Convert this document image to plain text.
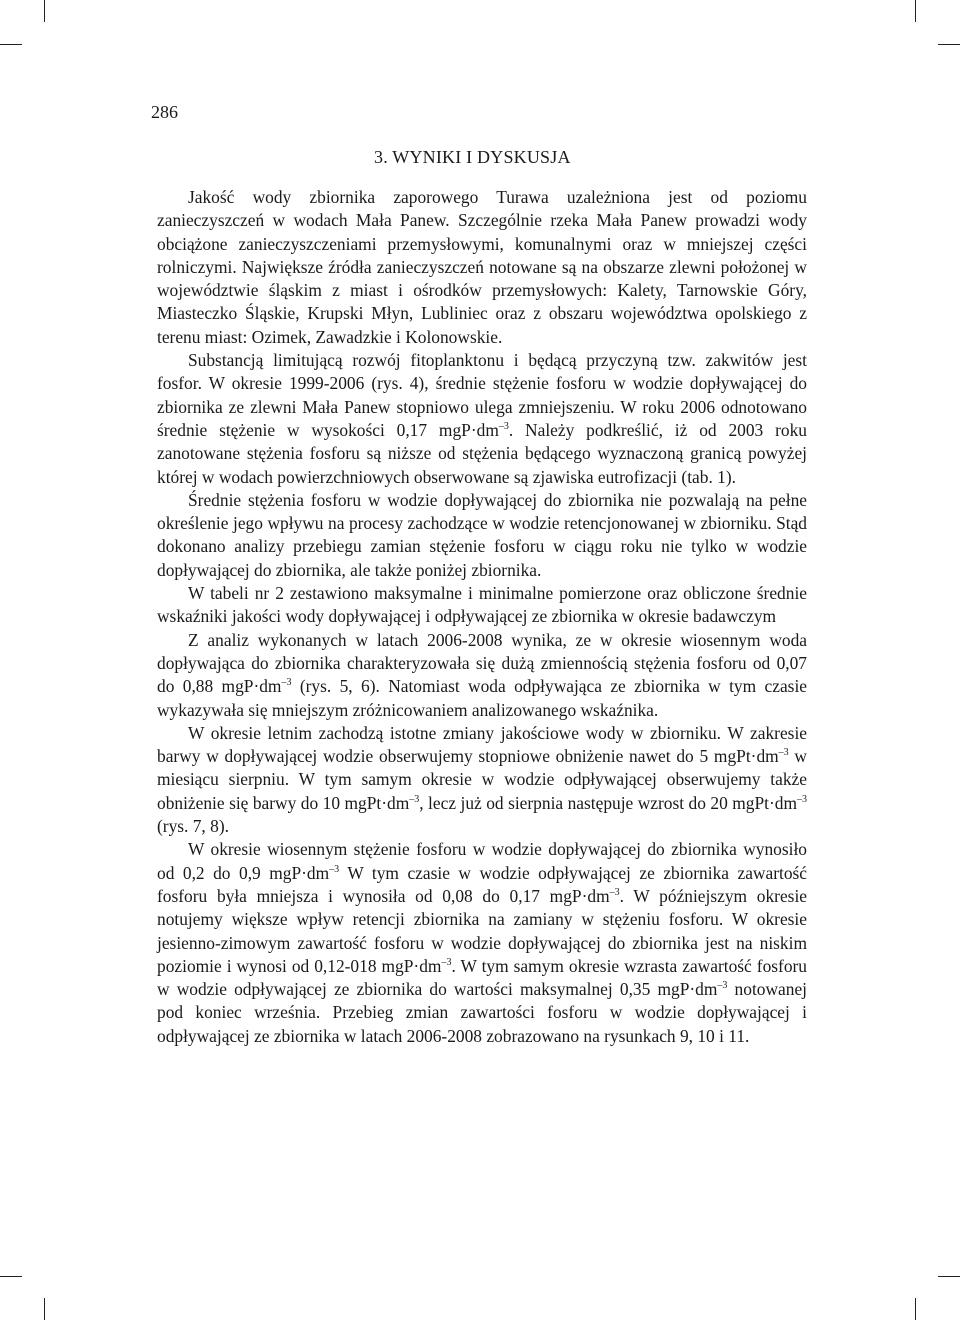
286
3. WYNIKI I DYSKUSJA

Jakość wody zbiornika zaporowego Turawa uzależniona jest od poziomu zanieczyszczeń w wodach Mała Panew. Szczególnie rzeka Mała Panew prowadzi wody obciążone zanieczyszczeniami przemysłowymi, komunalnymi oraz w mniejszej części rolniczymi. Największe źródła zanieczyszczeń notowane są na obszarze zlewni położonej w województwie śląskim z miast i ośrodków przemysłowych: Kalety, Tarnowskie Góry, Miasteczko Śląskie, Krupski Młyn, Lubliniec oraz z obszaru województwa opolskiego z terenu miast: Ozimek, Zawadzkie i Kolonowskie.

Substancją limitującą rozwój fitoplanktonu i będącą przyczyną tzw. zakwitów jest fosfor. W okresie 1999-2006 (rys. 4), średnie stężenie fosforu w wodzie dopływającej do zbiornika ze zlewni Mała Panew stopniowo ulega zmniejszeniu. W roku 2006 odnotowano średnie stężenie w wysokości 0,17 $mgP\cdot dm^{-3}$. Należy podkreślić, iż od 2003 roku zanotowane stężenia fosforu są niższe od stężenia będącego wyznaczoną granicą powyżej której w wodach powierzchniowych obserwowane są zjawiska eutrofizacji (tab. 1).

Średnie stężenia fosforu w wodzie dopływającej do zbiornika nie pozwalają na pełne określenie jego wpływu na procesy zachodzące w wodzie retencjonowanej w zbiorniku. Stąd dokonano analizy przebiegu zamian stężenie fosforu w ciągu roku nie tylko w wodzie dopływającej do zbiornika, ale także poniżej zbiornika.

W tabeli nr 2 zestawiono maksymalne i minimalne pomierzone oraz obliczone średnie wskaźniki jakości wody dopływającej i odpływającej ze zbiornika w okresie badawczym

Z analiz wykonanych w latach 2006-2008 wynika, ze w okresie wiosennym woda dopływająca do zbiornika charakteryzowała się dużą zmiennością stężenia fosforu od 0,07 do 0,88 $mgP\cdot dm^{-3}$ (rys. 5, 6). Natomiast woda odpływająca ze zbiornika w tym czasie wykazywała się mniejszym zróżnicowaniem analizowanego wskaźnika.

W okresie letnim zachodzą istotne zmiany jakościowe wody w zbiorniku. W zakresie barwy w dopływającej wodzie obserwujemy stopniowe obniżenie nawet do 5 $mgPt\cdot dm^{-3}$ w miesiącu sierpniu. W tym samym okresie w wodzie odpływającej obserwujemy także obniżenie się barwy do 10 $mgPt\cdot dm^{-3}$, lecz już od sierpnia następuje wzrost do 20 $mgPt\cdot dm^{-3}$ (rys. 7, 8).

W okresie wiosennym stężenie fosforu w wodzie dopływającej do zbiornika wynosiło od 0,2 do 0,9 $mgP\cdot dm^{-3}$ W tym czasie w wodzie odpływającej ze zbiornika zawartość fosforu była mniejsza i wynosiła od 0,08 do 0,17 $mgP\cdot dm^{-3}$. W późniejszym okresie notujemy większe wpływ retencji zbiornika na zamiany w stężeniu fosforu. W okresie jesienno-zimowym zawartość fosforu w wodzie dopływającej do zbiornika jest na niskim poziomie i wynosi od 0,12-018 $mgP\cdot dm^{-3}$. W tym samym okresie wzrasta zawartość fosforu w wodzie odpływającej ze zbiornika do wartości maksymalnej 0,35 $mgP\cdot dm^{-3}$ notowanej pod koniec września. Przebieg zmian zawartości fosforu w wodzie dopływającej i odpływającej ze zbiornika w latach 2006-2008 zobrazowano na rysunkach 9, 10 i 11.
